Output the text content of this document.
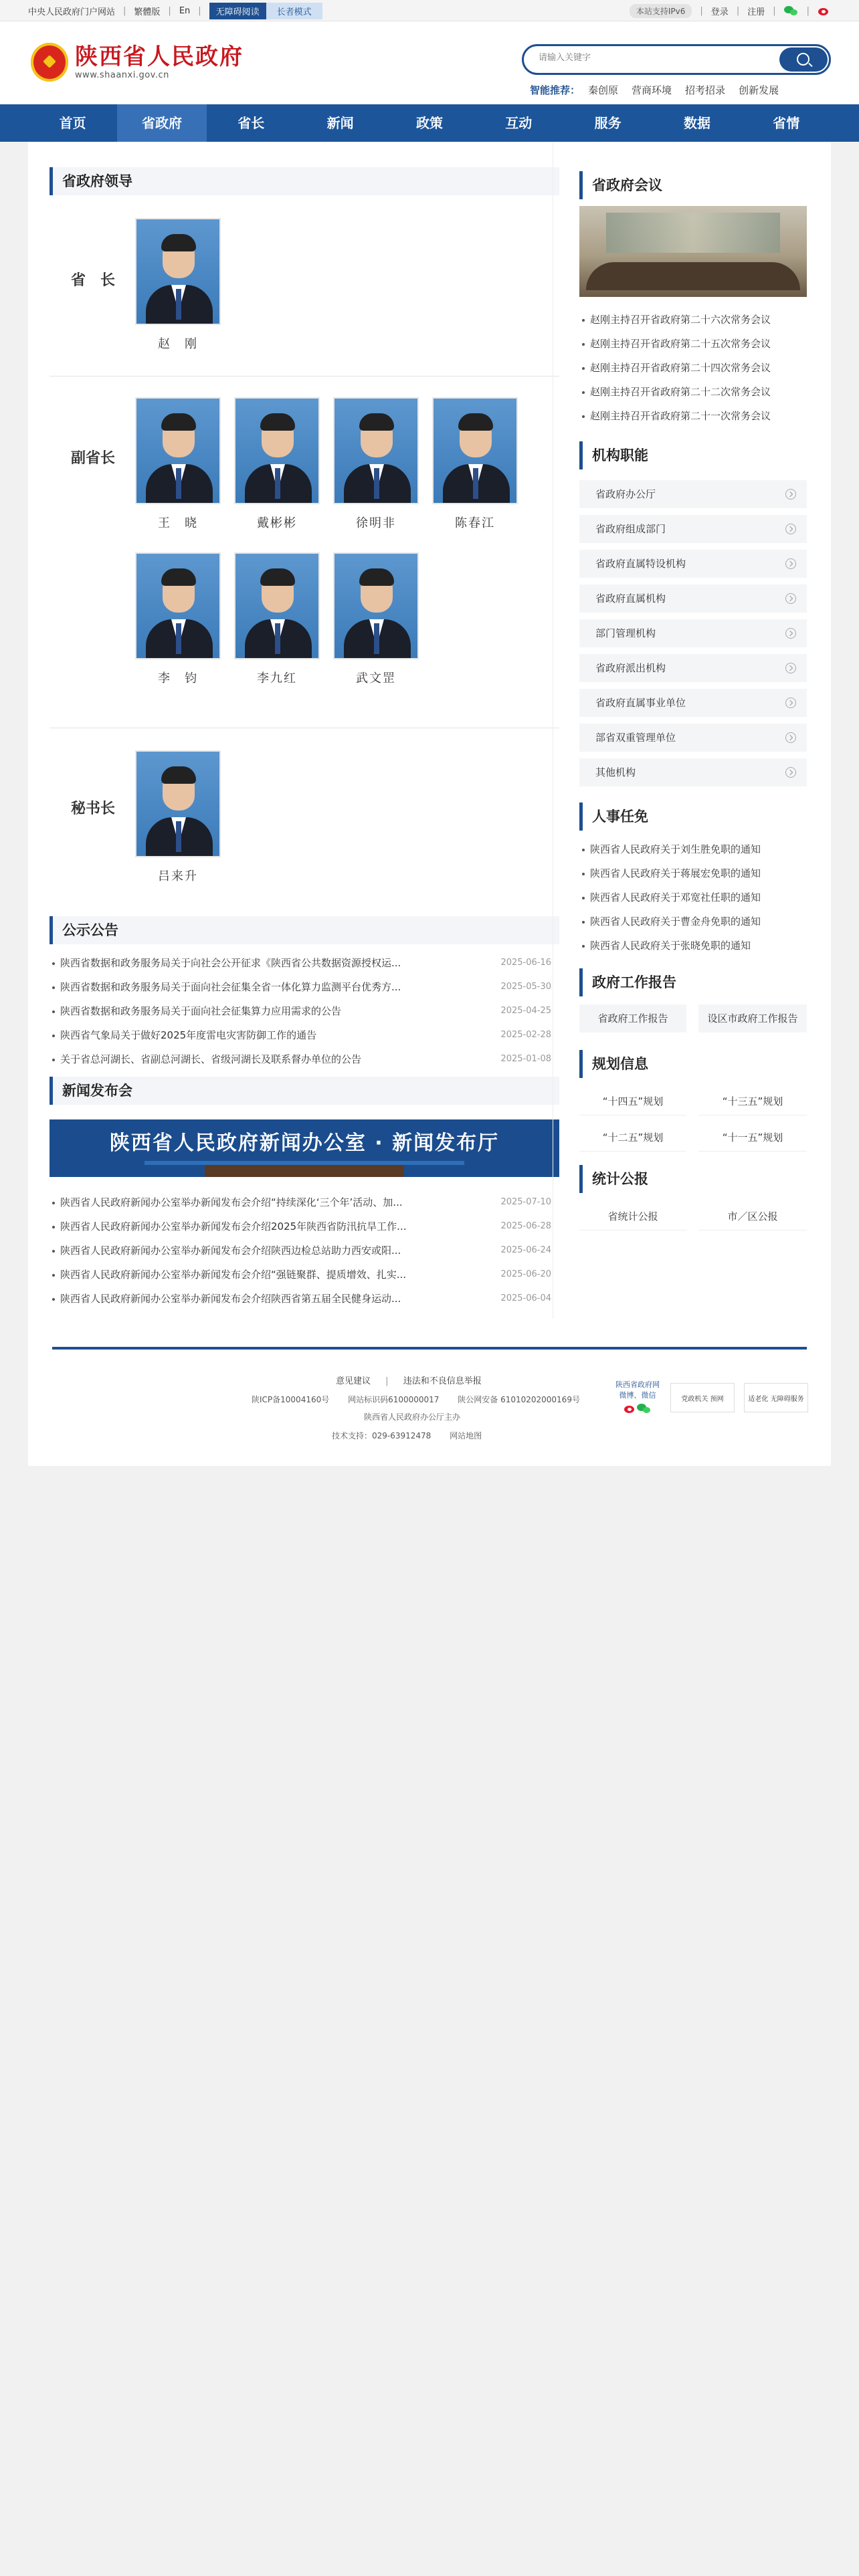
中央人民政府门户网站 | 繁體版 | En |	无障碍阅读	长者模式	本站支持IPv6	| 登录 | 注册 |	|
陕西省人民政府
www.shaanxi.gov.cn
请输入关键字
智能推荐： 秦创原 营商环境 招考招录 创新发展
首页	省政府	省长	新闻	政策	互动	服务	数据	省情
省政府领导
省　长
赵　刚
副省长
王　晓	戴彬彬	徐明非	陈春江
李　钧	李九红	武文罡
秘书长
吕来升
公示公告
陕西省数据和政务服务局关于向社会公开征求《陕西省公共数据资源授权运...	2025-06-16
陕西省数据和政务服务局关于面向社会征集全省一体化算力监测平台优秀方...	2025-05-30
陕西省数据和政务服务局关于面向社会征集算力应用需求的公告	2025-04-25
陕西省气象局关于做好2025年度雷电灾害防御工作的通告	2025-02-28
关于省总河湖长、省副总河湖长、省级河湖长及联系督办单位的公告	2025-01-08
新闻发布会
陕西省人民政府新闻办公室 · 新闻发布厅
陕西省人民政府新闻办公室举办新闻发布会介绍“持续深化‘三个年’活动、加...	2025-07-10
陕西省人民政府新闻办公室举办新闻发布会介绍2025年陕西省防汛抗旱工作...	2025-06-28
陕西省人民政府新闻办公室举办新闻发布会介绍陕西边检总站助力西安或阳...	2025-06-24
陕西省人民政府新闻办公室举办新闻发布会介绍“强链聚群、提质增效、扎实...	2025-06-20
陕西省人民政府新闻办公室举办新闻发布会介绍陕西省第五届全民健身运动...	2025-06-04
省政府会议
赵刚主持召开省政府第二十六次常务会议
赵刚主持召开省政府第二十五次常务会议
赵刚主持召开省政府第二十四次常务会议
赵刚主持召开省政府第二十二次常务会议
赵刚主持召开省政府第二十一次常务会议
机构职能
省政府办公厅
省政府组成部门
省政府直属特设机构
省政府直属机构
部门管理机构
省政府派出机构
省政府直属事业单位
部省双重管理单位
其他机构
人事任免
陕西省人民政府关于刘生胜免职的通知
陕西省人民政府关于蒋展宏免职的通知
陕西省人民政府关于邓宽社任职的通知
陕西省人民政府关于曹金舟免职的通知
陕西省人民政府关于张晓免职的通知
政府工作报告
省政府工作报告	设区市政府工作报告
规划信息
“十四五”规划	“十三五”规划
“十二五”规划	“十一五”规划
统计公报
省统计公报	市／区公报
意见建议 | 违法和不良信息举报
陕ICP备10004160号 网站标识码6100000017 陕公网安备 61010202000169号
陕西省人民政府办公厅主办
技术支持：029-63912478 网站地图
陕西省政府网 微博、微信	党政机关 预网	适老化 无障碍服务
